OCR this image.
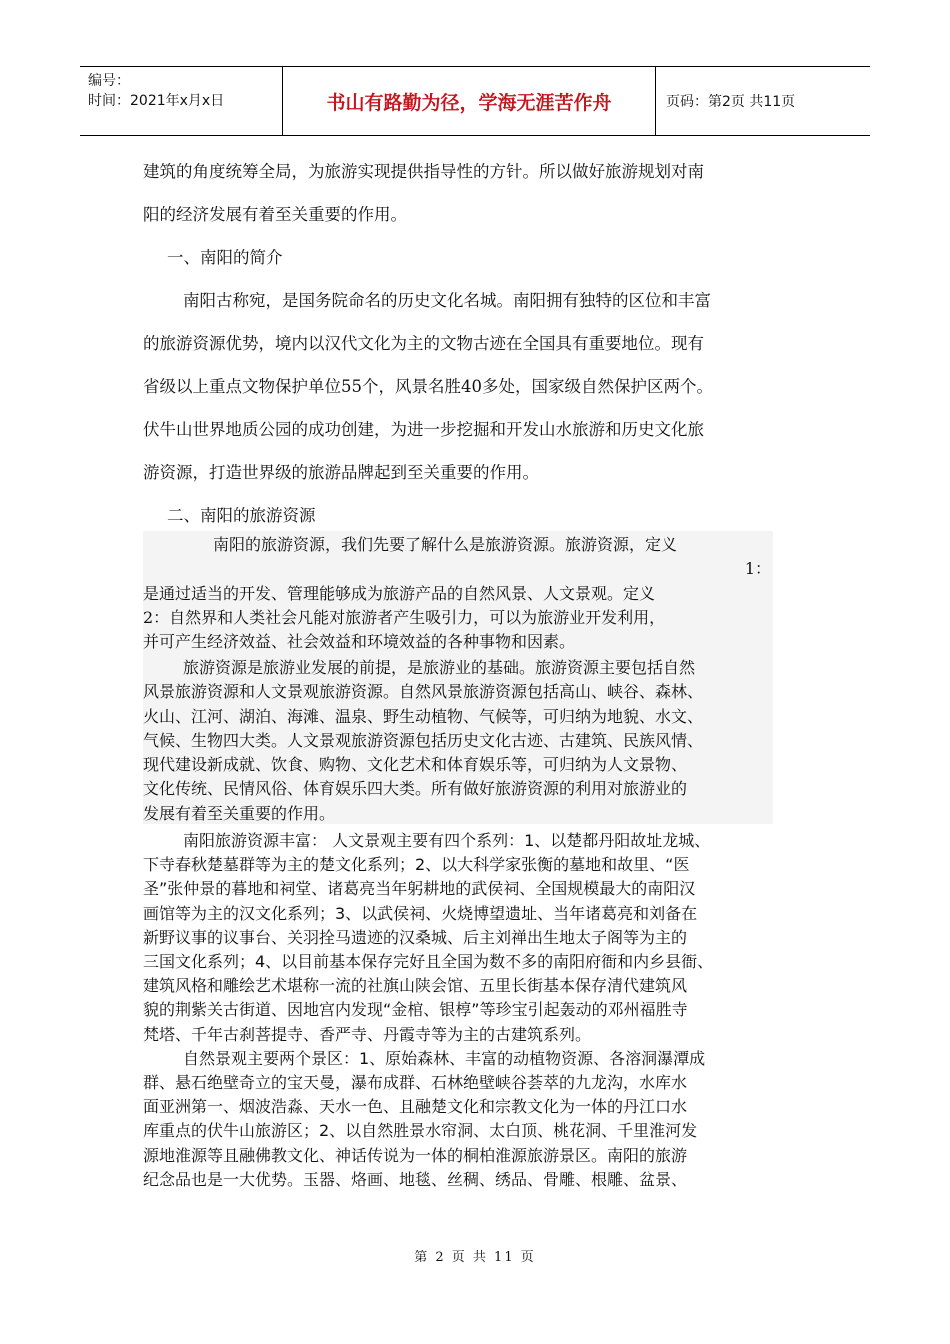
编号：
时间：2021年x月x日	书山有路勤为径，学海无涯苦作舟	页码：第2页 共11页

建筑的角度统筹全局，为旅游实现提供指导性的方针。所以做好旅游规划对南

阳的经济发展有着至关重要的作用。

一、南阳的简介

南阳古称宛，是国务院命名的历史文化名城。南阳拥有独特的区位和丰富

的旅游资源优势，境内以汉代文化为主的文物古迹在全国具有重要地位。现有

省级以上重点文物保护单位55个，风景名胜40多处，国家级自然保护区两个。

伏牛山世界地质公园的成功创建，为进一步挖掘和开发山水旅游和历史文化旅

游资源，打造世界级的旅游品牌起到至关重要的作用。

二、南阳的旅游资源

南阳的旅游资源，我们先要了解什么是旅游资源。旅游资源，定义

1：

是通过适当的开发、管理能够成为旅游产品的自然风景、人文景观。定义

2：自然界和人类社会凡能对旅游者产生吸引力，可以为旅游业开发利用，

并可产生经济效益、社会效益和环境效益的各种事物和因素。

旅游资源是旅游业发展的前提，是旅游业的基础。旅游资源主要包括自然

风景旅游资源和人文景观旅游资源。自然风景旅游资源包括高山、峡谷、森林、

火山、江河、湖泊、海滩、温泉、野生动植物、气候等，可归纳为地貌、水文、

气候、生物四大类。人文景观旅游资源包括历史文化古迹、古建筑、民族风情、

现代建设新成就、饮食、购物、文化艺术和体育娱乐等，可归纳为人文景物、

文化传统、民情风俗、体育娱乐四大类。所有做好旅游资源的利用对旅游业的

发展有着至关重要的作用。

南阳旅游资源丰富： 人文景观主要有四个系列：1、以楚都丹阳故址龙城、

下寺春秋楚墓群等为主的楚文化系列；2、以大科学家张衡的墓地和故里、“医

圣”张仲景的暮地和祠堂、诸葛亮当年躬耕地的武侯祠、全国规模最大的南阳汉

画馆等为主的汉文化系列；3、以武侯祠、火烧博望遗址、当年诸葛亮和刘备在

新野议事的议事台、关羽拴马遗迹的汉桑城、后主刘禅出生地太子阁等为主的

三国文化系列；4、以目前基本保存完好且全国为数不多的南阳府衙和内乡县衙、

建筑风格和雕绘艺术堪称一流的社旗山陕会馆、五里长街基本保存清代建筑风

貌的荆紫关古街道、因地宫内发现“金棺、银椁”等珍宝引起轰动的邓州福胜寺

梵塔、千年古刹菩提寺、香严寺、丹霞寺等为主的古建筑系列。

自然景观主要两个景区：1、原始森林、丰富的动植物资源、各溶洞瀑潭成

群、悬石绝壁奇立的宝天曼，瀑布成群、石林绝壁峡谷荟萃的九龙沟，水库水

面亚洲第一、烟波浩淼、天水一色、且融楚文化和宗教文化为一体的丹江口水

库重点的伏牛山旅游区；2、以自然胜景水帘洞、太白顶、桃花洞、千里淮河发

源地淮源等且融佛教文化、神话传说为一体的桐柏淮源旅游景区。南阳的旅游

纪念品也是一大优势。玉器、烙画、地毯、丝稠、绣品、骨雕、根雕、盆景、

第 2 页 共 11 页
